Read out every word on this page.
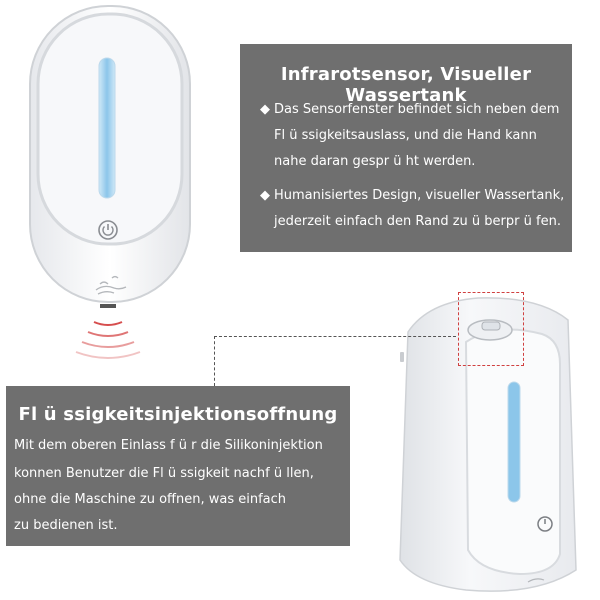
Infrarotsensor, Visueller Wassertank
◆ Das Sensorfenster befindet sich neben dem
Fl ü ssigkeitsauslass, und die Hand kann
nahe daran gespr ü ht werden.
◆ Humanisiertes Design, visueller Wassertank,
jederzeit einfach den Rand zu ü berpr ü fen.
Fl ü ssigkeitsinjektionsoffnung
Mit dem oberen Einlass f ü r die Silikoninjektion
konnen Benutzer die Fl ü ssigkeit nachf ü llen,
ohne die Maschine zu offnen, was einfach
zu bedienen ist.
